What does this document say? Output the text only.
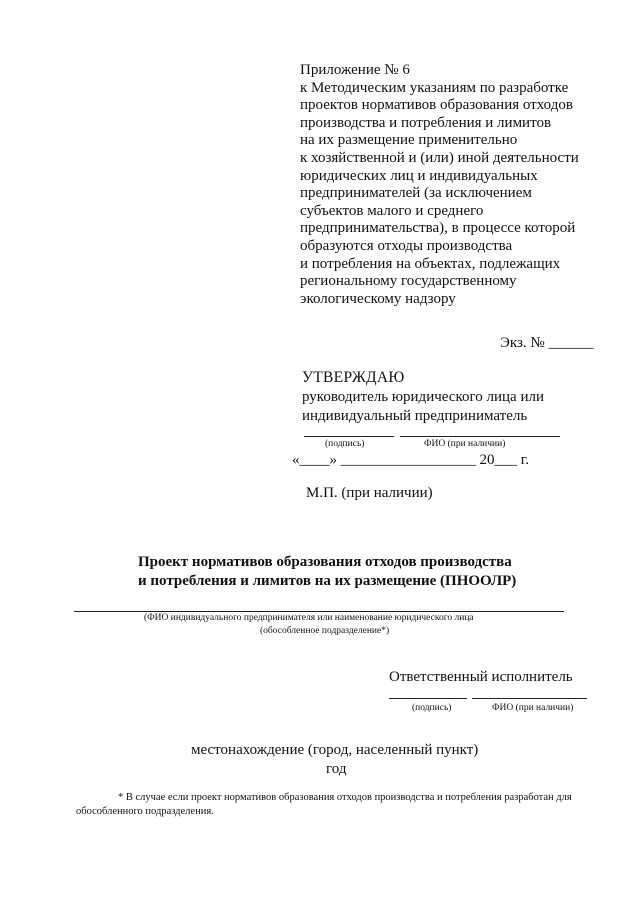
Приложение № 6
к Методическим указаниям по разработке
проектов нормативов образования отходов
производства и потребления и лимитов
на их размещение применительно
к хозяйственной и (или) иной деятельности
юридических лиц и индивидуальных
предпринимателей (за исключением
субъектов малого и среднего
предпринимательства), в процессе которой
образуются отходы производства
и потребления на объектах, подлежащих
региональному государственному
экологическому надзору
Экз. № ______
УТВЕРЖДАЮ
руководитель юридического лица или
индивидуальный предприниматель
(подпись)	ФИО (при наличии)
«____» __________________ 20___ г.
М.П. (при наличии)
Проект нормативов образования отходов производства
и потребления и лимитов на их размещение (ПНООЛР)
(ФИО индивидуального предпринимателя или наименование юридического лица
(обособленное подразделение*)
Ответственный исполнитель
(подпись)	ФИО (при наличии)
местонахождение (город, населенный пункт)
год
* В случае если проект нормативов образования отходов производства и потребления разработан для
обособленного подразделения.
